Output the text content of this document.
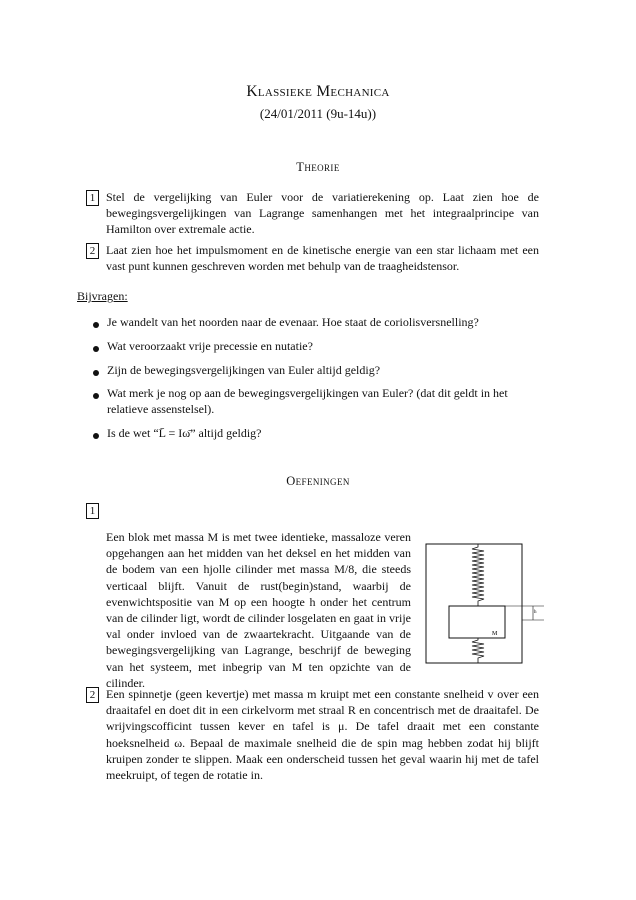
Klassieke Mechanica
(24/01/2011 (9u-14u))
Theorie
1 Stel de vergelijking van Euler voor de variatierekening op. Laat zien hoe de bewegingsvergelijkingen van Lagrange samenhangen met het integraalprincipe van Hamilton over extremale actie.
2 Laat zien hoe het impulsmoment en de kinetische energie van een star lichaam met een vast punt kunnen geschreven worden met behulp van de traagheidstensor.
Bijvragen:
Je wandelt van het noorden naar de evenaar. Hoe staat de coriolisversnelling?
Wat veroorzaakt vrije precessie en nutatie?
Zijn de bewegingsvergelijkingen van Euler altijd geldig?
Wat merk je nog op aan de bewegingsvergelijkingen van Euler? (dat dit geldt in het relatieve assenstelsel).
Is de wet “L̄ = Iω̄” altijd geldig?
Oefeningen
1
Een blok met massa M is met twee identieke, massaloze veren opgehangen aan het midden van het deksel en het midden van de bodem van een hjolle cilinder met massa M/8, die steeds verticaal blijft. Vanuit de rust(begin)stand, waarbij de evenwichtspositie van M op een hoogte h onder het centrum van de cilinder ligt, wordt de cilinder losgelaten en gaat in vrije val onder invloed van de zwaartekracht. Uitgaande van de bewegingsvergelijking van Lagrange, beschrijf de beweging van het systeem, met inbegrip van M ten opzichte van de cilinder.
M
h
2 Een spinnetje (geen kevertje) met massa m kruipt met een constante snelheid v over een draaitafel en doet dit in een cirkelvorm met straal R en concentrisch met de draaitafel. De wrijvingscofficint tussen kever en tafel is μ. De tafel draait met een constante hoeksnelheid ω. Bepaal de maximale snelheid die de spin mag hebben zodat hij blijft kruipen zonder te slippen. Maak een onderscheid tussen het geval waarin hij met de tafel meekruipt, of tegen de rotatie in.
